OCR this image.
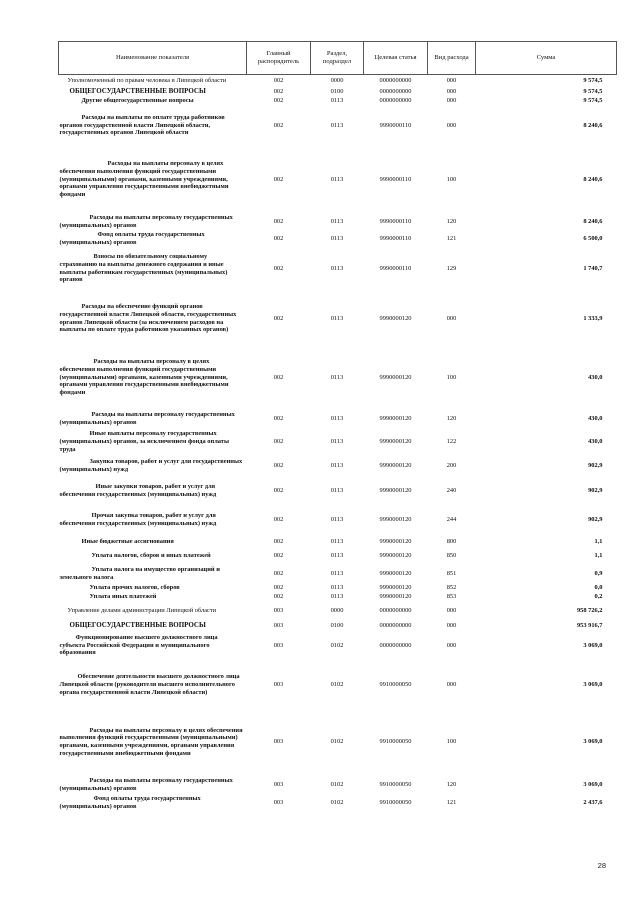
Наименование показателя	Главный распорядитель	Раздел, подраздел	Целевая статья	Вид расхода	Сумма

Уполномоченный по правам человека в Липецкой области	002	0000	0000000000	000	9 574,5

ОБЩЕГОСУДАРСТВЕННЫЕ ВОПРОСЫ	002	0100	0000000000	000	9 574,5

Другие общегосударственные вопросы	002	0113	0000000000	000	9 574,5

Расходы на выплаты по оплате труда работников органов государственной власти Липецкой области, государственных органов Липецкой области	002	0113	9990000110	000	8 240,6

Расходы на выплаты персоналу в целях обеспечения выполнения функций государственными (муниципальными) органами, казенными учреждениями, органами управления государственными внебюджетными фондами	002	0113	9990000110	100	8 240,6

Расходы на выплаты персоналу государственных (муниципальных) органов	002	0113	9990000110	120	8 240,6

Фонд оплаты труда государственных (муниципальных) органов	002	0113	9990000110	121	6 500,0

Взносы по обязательному социальному страхованию на выплаты денежного содержания и иные выплаты работникам государственных (муниципальных) органов	002	0113	9990000110	129	1 740,7

Расходы на обеспечение функций органов государственной власти Липецкой области, государственных органов Липецкой области (за исключением расходов на выплаты по оплате труда работников указанных органов)	002	0113	9990000120	000	1 333,9

Расходы на выплаты персоналу в целях обеспечения выполнения функций государственными (муниципальными) органами, казенными учреждениями, органами управления государственными внебюджетными фондами	002	0113	9990000120	100	430,0

Расходы на выплаты персоналу государственных (муниципальных) органов	002	0113	9990000120	120	430,0

Иные выплаты персоналу государственных (муниципальных) органов, за исключением фонда оплаты труда	002	0113	9990000120	122	430,0

Закупка товаров, работ и услуг для государственных (муниципальных) нужд	002	0113	9990000120	200	902,9

Иные закупки товаров, работ и услуг для обеспечения государственных (муниципальных) нужд	002	0113	9990000120	240	902,9

Прочая закупка товаров, работ и услуг для обеспечения государственных (муниципальных) нужд	002	0113	9990000120	244	902,9

Иные бюджетные ассигнования	002	0113	9990000120	800	1,1

Уплата налогов, сборов и иных платежей	002	0113	9990000120	850	1,1

Уплата налога на имущество организаций и земельного налога	002	0113	9990000120	851	0,9

Уплата прочих налогов, сборов	002	0113	9990000120	852	0,0

Уплата иных платежей	002	0113	9990000120	853	0,2

Управление делами администрации Липецкой области	003	0000	0000000000	000	958 726,2

ОБЩЕГОСУДАРСТВЕННЫЕ ВОПРОСЫ	003	0100	0000000000	000	953 916,7

Функционирование высшего должностного лица субъекта Российской Федерации и муниципального образования	003	0102	0000000000	000	3 069,0

Обеспечение деятельности высшего должностного лица Липецкой области (руководителя высшего исполнительного органа государственной власти Липецкой области)	003	0102	9910000050	000	3 069,0

Расходы на выплаты персоналу в целях обеспечения выполнения функций государственными (муниципальными) органами, казенными учреждениями, органами управления государственными внебюджетными фондами	003	0102	9910000050	100	3 069,0

Расходы на выплаты персоналу государственных (муниципальных) органов	003	0102	9910000050	120	3 069,0

Фонд оплаты труда государственных (муниципальных) органов	003	0102	9910000050	121	2 437,6
28
